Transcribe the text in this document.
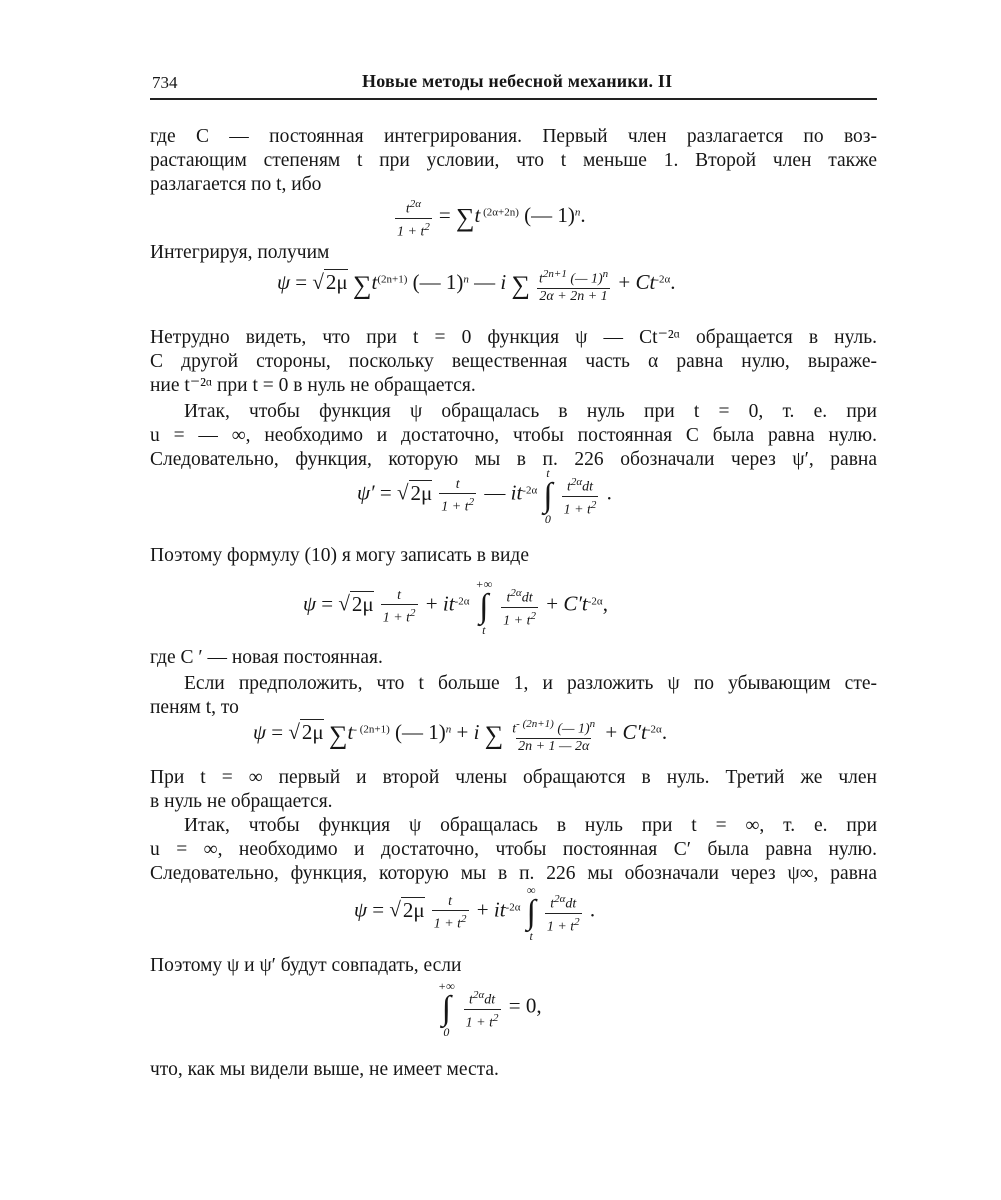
734	Новые методы небесной механики. II
где C — постоянная интегрирования. Первый член разлагается по воз-
растающим степеням t при условии, что t меньше 1. Второй член также
разлагается по t, ибо
$\frac{t^{2\alpha}}{1 + t^2} = \sum t$ $^{(2\alpha+2n)}$ (— 1)$^n$.
Интегрируя, получим
ψ = √2μ $\sum t^{(2n+1)}$ (— 1)$^n$ — i ∑ $\frac{t^{2n+1} (— 1)^n}{2\alpha + 2n + 1} + Ct^{-2\alpha}$.
Нетрудно видеть, что при t = 0 функция ψ — Ct⁻²ᵅ обращается в нуль.
С другой стороны, поскольку вещественная часть α равна нулю, выраже-
ние t⁻²ᵅ при t = 0 в нуль не обращается.
Итак, чтобы функция ψ обращалась в нуль при t = 0, т. е. при
u = — ∞, необходимо и достаточно, чтобы постоянная C была равна нулю.
Следовательно, функция, которую мы в п. 226 обозначали через ψ′, равна
$\psi' = √2\mu \frac{t}{1 + t^2}$ — $it^{-2\alpha}$
t
∫
0

$\frac{t^{2\alpha}dt}{1 + t^2}$ .
Поэтому формулу (10) я могу записать в виде
$\psi = √2\mu \frac{t}{1 + t^2} + it^{-2\alpha}$
+∞
∫
t

$\frac{t^{2\alpha}dt}{1 + t^2} + C't^{-2\alpha}$,
где C ′ — новая постоянная.
Если предположить, что t больше 1, и разложить ψ по убывающим сте-
пеням t, то
ψ = √2μ $\sum t^{- (2n+1)}$ (— 1)$^n$ + i ∑ $\frac{t^{- (2n+1)} (— 1)^n}{2n + 1 — 2\alpha} + C't^{-2\alpha}$.
При t = ∞ первый и второй члены обращаются в нуль. Третий же член
в нуль не обращается.
Итак, чтобы функция ψ обращалась в нуль при t = ∞, т. е. при
u = ∞, необходимо и достаточно, чтобы постоянная C′ была равна нулю.
Следовательно, функция, которую мы в п. 226 мы обозначали через ψ∞, равна
$\psi = √2\mu \frac{t}{1 + t^2} + it^{-2\alpha}$
∞
∫
t

$\frac{t^{2\alpha}dt}{1 + t^2}$ .
Поэтому ψ и ψ′ будут совпадать, если
+∞
∫
0

$\frac{t^{2\alpha}dt}{1 + t^2} = 0$,
что, как мы видели выше, не имеет места.
